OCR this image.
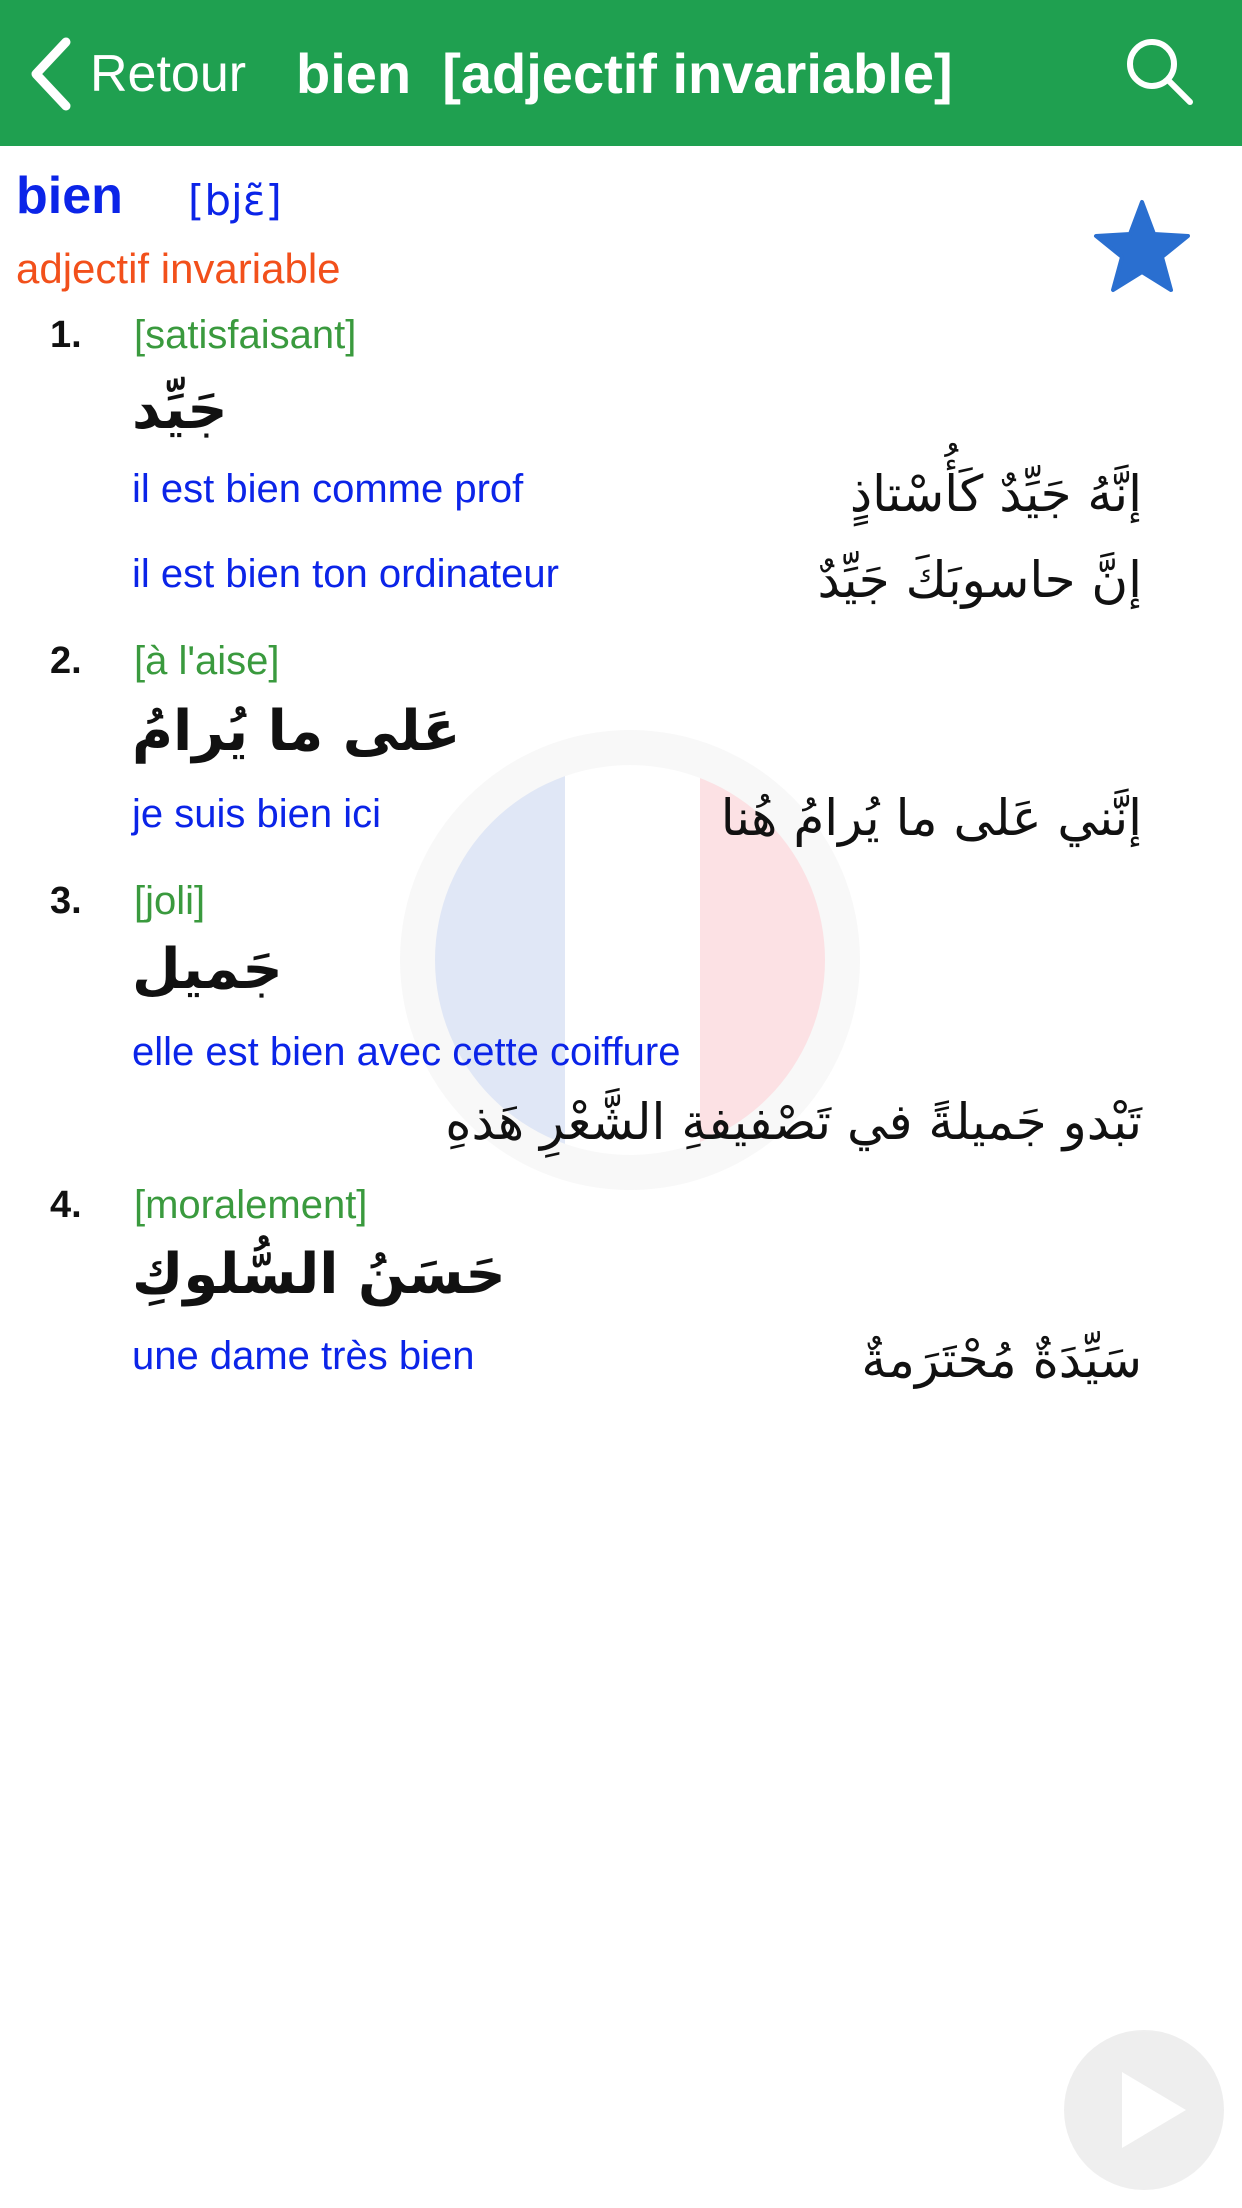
Retour bien  [adjectif invariable]
bien [bjɛ̃]
adjectif invariable
1. [satisfaisant]
جَيِّد
il est bien comme prof	إنَّهُ جَيِّدٌ كَأُسْتاذٍ
il est bien ton ordinateur	إنَّ حاسوبَكَ جَيِّدٌ
2. [à l'aise]
عَلى ما يُرامُ
je suis bien ici	إنَّني عَلى ما يُرامُ هُنا
3. [joli]
جَميل
elle est bien avec cette coiffure
تَبْدو جَميلةً في تَصْفيفةِ الشَّعْرِ هَذهِ
4. [moralement]
حَسَنُ السُّلوكِ
une dame très bien	سَيِّدَةٌ مُحْتَرَمةٌ
